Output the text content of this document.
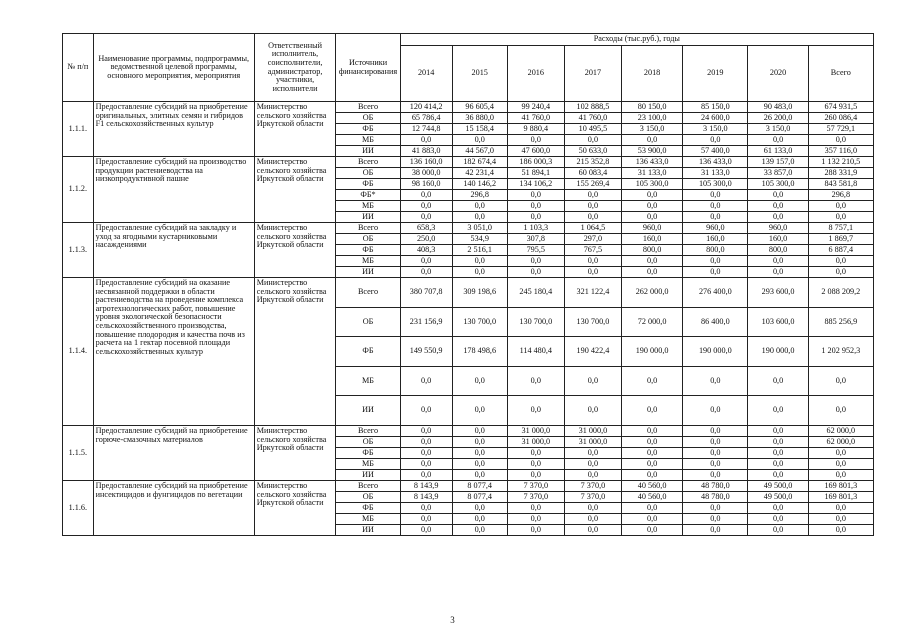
№ п/п	Наименование программы, подпрограммы, ведомственной целевой программы, основного мероприятия, мероприятия	Ответственный исполнитель, соисполнители, администратор, участники, исполнители	Источники финансирования	Расходы (тыс.руб.), годы							
				2014	2015	2016	2017	2018	2019	2020	Всего
1.1.1.	Предоставление субсидий на приобретение оригинальных, элитных семян и гибридов F1 сельскохозяйственных культур	Министерство сельского хозяйства Иркутской области	Всего	120 414,2	96 605,4	99 240,4	102 888,5	80 150,0	85 150,0	90 483,0	674 931,5
			ОБ	65 786,4	36 880,0	41 760,0	41 760,0	23 100,0	24 600,0	26 200,0	260 086,4
			ФБ	12 744,8	15 158,4	9 880,4	10 495,5	3 150,0	3 150,0	3 150,0	57 729,1
			МБ	0,0	0,0	0,0	0,0	0,0	0,0	0,0	0,0
			ИИ	41 883,0	44 567,0	47 600,0	50 633,0	53 900,0	57 400,0	61 133,0	357 116,0
1.1.2.	Предоставление субсидий на производство продукции растениеводства на низкопродуктивной пашне	Министерство сельского хозяйства Иркутской области	Всего	136 160,0	182 674,4	186 000,3	215 352,8	136 433,0	136 433,0	139 157,0	1 132 210,5
			ОБ	38 000,0	42 231,4	51 894,1	60 083,4	31 133,0	31 133,0	33 857,0	288 331,9
			ФБ	98 160,0	140 146,2	134 106,2	155 269,4	105 300,0	105 300,0	105 300,0	843 581,8
			ФБ*	0,0	296,8	0,0	0,0	0,0	0,0	0,0	296,8
			МБ	0,0	0,0	0,0	0,0	0,0	0,0	0,0	0,0
			ИИ	0,0	0,0	0,0	0,0	0,0	0,0	0,0	0,0
1.1.3.	Предоставление субсидий на закладку и уход за ягодными кустарниковыми насаждениями	Министерство сельского хозяйства Иркутской области	Всего	658,3	3 051,0	1 103,3	1 064,5	960,0	960,0	960,0	8 757,1
			ОБ	250,0	534,9	307,8	297,0	160,0	160,0	160,0	1 869,7
			ФБ	408,3	2 516,1	795,5	767,5	800,0	800,0	800,0	6 887,4
			МБ	0,0	0,0	0,0	0,0	0,0	0,0	0,0	0,0
			ИИ	0,0	0,0	0,0	0,0	0,0	0,0	0,0	0,0
1.1.4.	Предоставление субсидий на оказание несвязанной поддержки в области растениеводства на проведение комплекса агротехнологических работ, повышение уровня экологической безопасности сельскохозяйственного производства, повышение плодородия и качества почв из расчета на 1 гектар посевной площади сельскохозяйственных культур	Министерство сельского хозяйства Иркутской области	Всего	380 707,8	309 198,6	245 180,4	321 122,4	262 000,0	276 400,0	293 600,0	2 088 209,2
			ОБ	231 156,9	130 700,0	130 700,0	130 700,0	72 000,0	86 400,0	103 600,0	885 256,9
			ФБ	149 550,9	178 498,6	114 480,4	190 422,4	190 000,0	190 000,0	190 000,0	1 202 952,3
			МБ	0,0	0,0	0,0	0,0	0,0	0,0	0,0	0,0
			ИИ	0,0	0,0	0,0	0,0	0,0	0,0	0,0	0,0
1.1.5.	Предоставление субсидий на приобретение горюче-смазочных материалов	Министерство сельского хозяйства Иркутской области	Всего	0,0	0,0	31 000,0	31 000,0	0,0	0,0	0,0	62 000,0
			ОБ	0,0	0,0	31 000,0	31 000,0	0,0	0,0	0,0	62 000,0
			ФБ	0,0	0,0	0,0	0,0	0,0	0,0	0,0	0,0
			МБ	0,0	0,0	0,0	0,0	0,0	0,0	0,0	0,0
			ИИ	0,0	0,0	0,0	0,0	0,0	0,0	0,0	0,0
1.1.6.	Предоставление субсидий на приобретение инсектицидов и фунгицидов по вегетации	Министерство сельского хозяйства Иркутской области	Всего	8 143,9	8 077,4	7 370,0	7 370,0	40 560,0	48 780,0	49 500,0	169 801,3
			ОБ	8 143,9	8 077,4	7 370,0	7 370,0	40 560,0	48 780,0	49 500,0	169 801,3
			ФБ	0,0	0,0	0,0	0,0	0,0	0,0	0,0	0,0
			МБ	0,0	0,0	0,0	0,0	0,0	0,0	0,0	0,0
			ИИ	0,0	0,0	0,0	0,0	0,0	0,0	0,0	0,0
3
